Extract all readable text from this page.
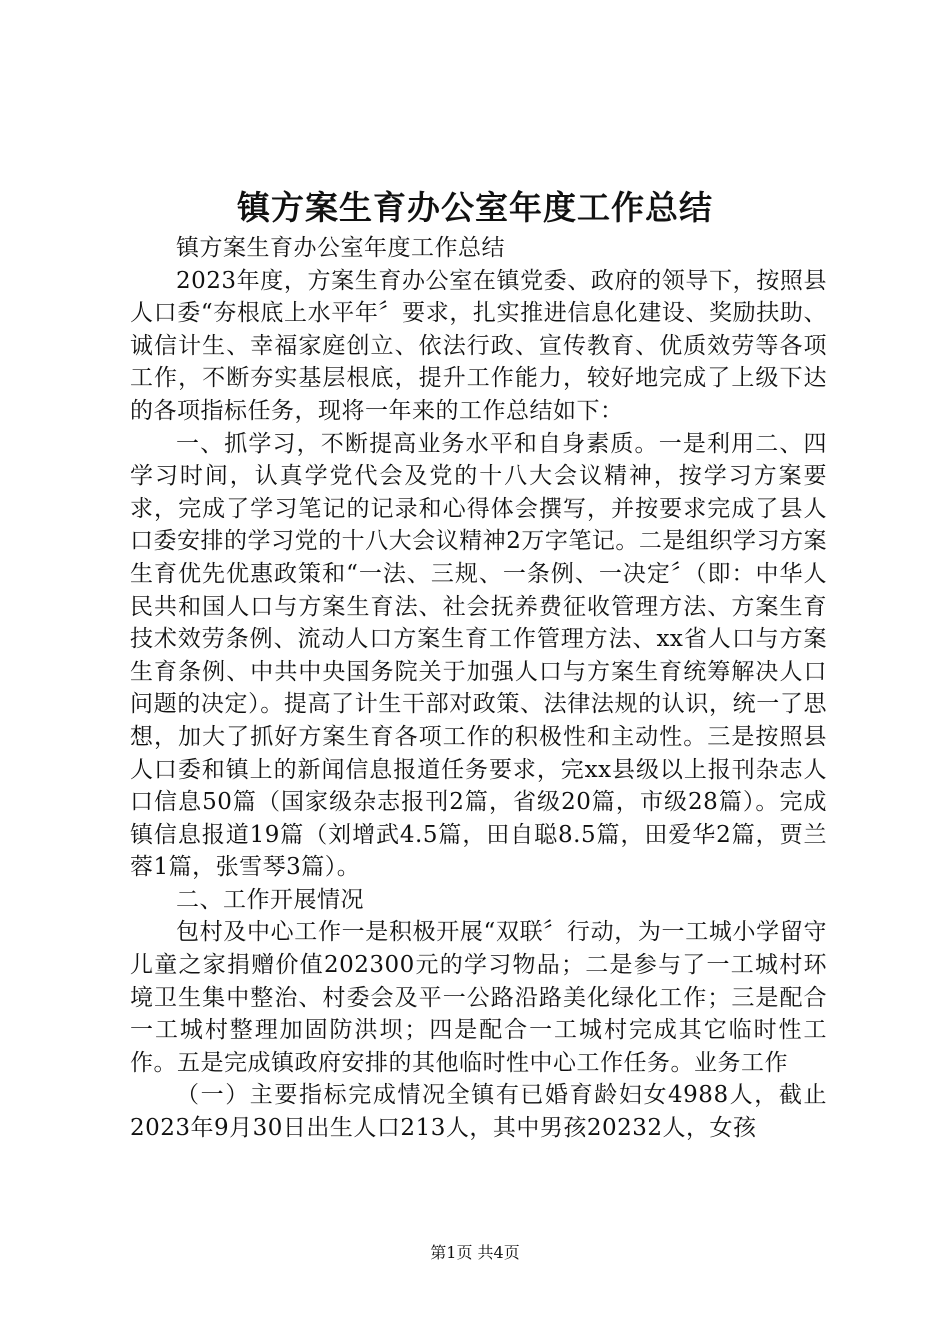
镇方案生育办公室年度工作总结

镇方案生育办公室年度工作总结

2023年度，方案生育办公室在镇党委、政府的领导下，按照县人口委“夯根底上水平年〞要求，扎实推进信息化建设、奖励扶助、诚信计生、幸福家庭创立、依法行政、宣传教育、优质效劳等各项工作，不断夯实基层根底，提升工作能力，较好地完成了上级下达的各项指标任务，现将一年来的工作总结如下：

一、抓学习，不断提高业务水平和自身素质。一是利用二、四学习时间，认真学党代会及党的十八大会议精神，按学习方案要求，完成了学习笔记的记录和心得体会撰写，并按要求完成了县人口委安排的学习党的十八大会议精神2万字笔记。二是组织学习方案生育优先优惠政策和“一法、三规、一条例、一决定〞（即：中华人民共和国人口与方案生育法、社会抚养费征收管理方法、方案生育技术效劳条例、流动人口方案生育工作管理方法、xx省人口与方案生育条例、中共中央国务院关于加强人口与方案生育统筹解决人口问题的决定）。提高了计生干部对政策、法律法规的认识，统一了思想，加大了抓好方案生育各项工作的积极性和主动性。三是按照县人口委和镇上的新闻信息报道任务要求，完xx县级以上报刊杂志人口信息50篇（国家级杂志报刊2篇，省级20篇，市级28篇）。完成镇信息报道19篇（刘增武4.5篇，田自聪8.5篇，田爱华2篇，贾兰蓉1篇，张雪琴3篇）。

二、工作开展情况

包村及中心工作一是积极开展“双联〞行动，为一工城小学留守儿童之家捐赠价值202300元的学习物品；二是参与了一工城村环境卫生集中整治、村委会及平一公路沿路美化绿化工作；三是配合一工城村整理加固防洪坝；四是配合一工城村完成其它临时性工作。五是完成镇政府安排的其他临时性中心工作任务。业务工作

（一）主要指标完成情况全镇有已婚育龄妇女4988人，截止2023年9月30日出生人口213人，其中男孩20232人，女孩

第1页 共4页
